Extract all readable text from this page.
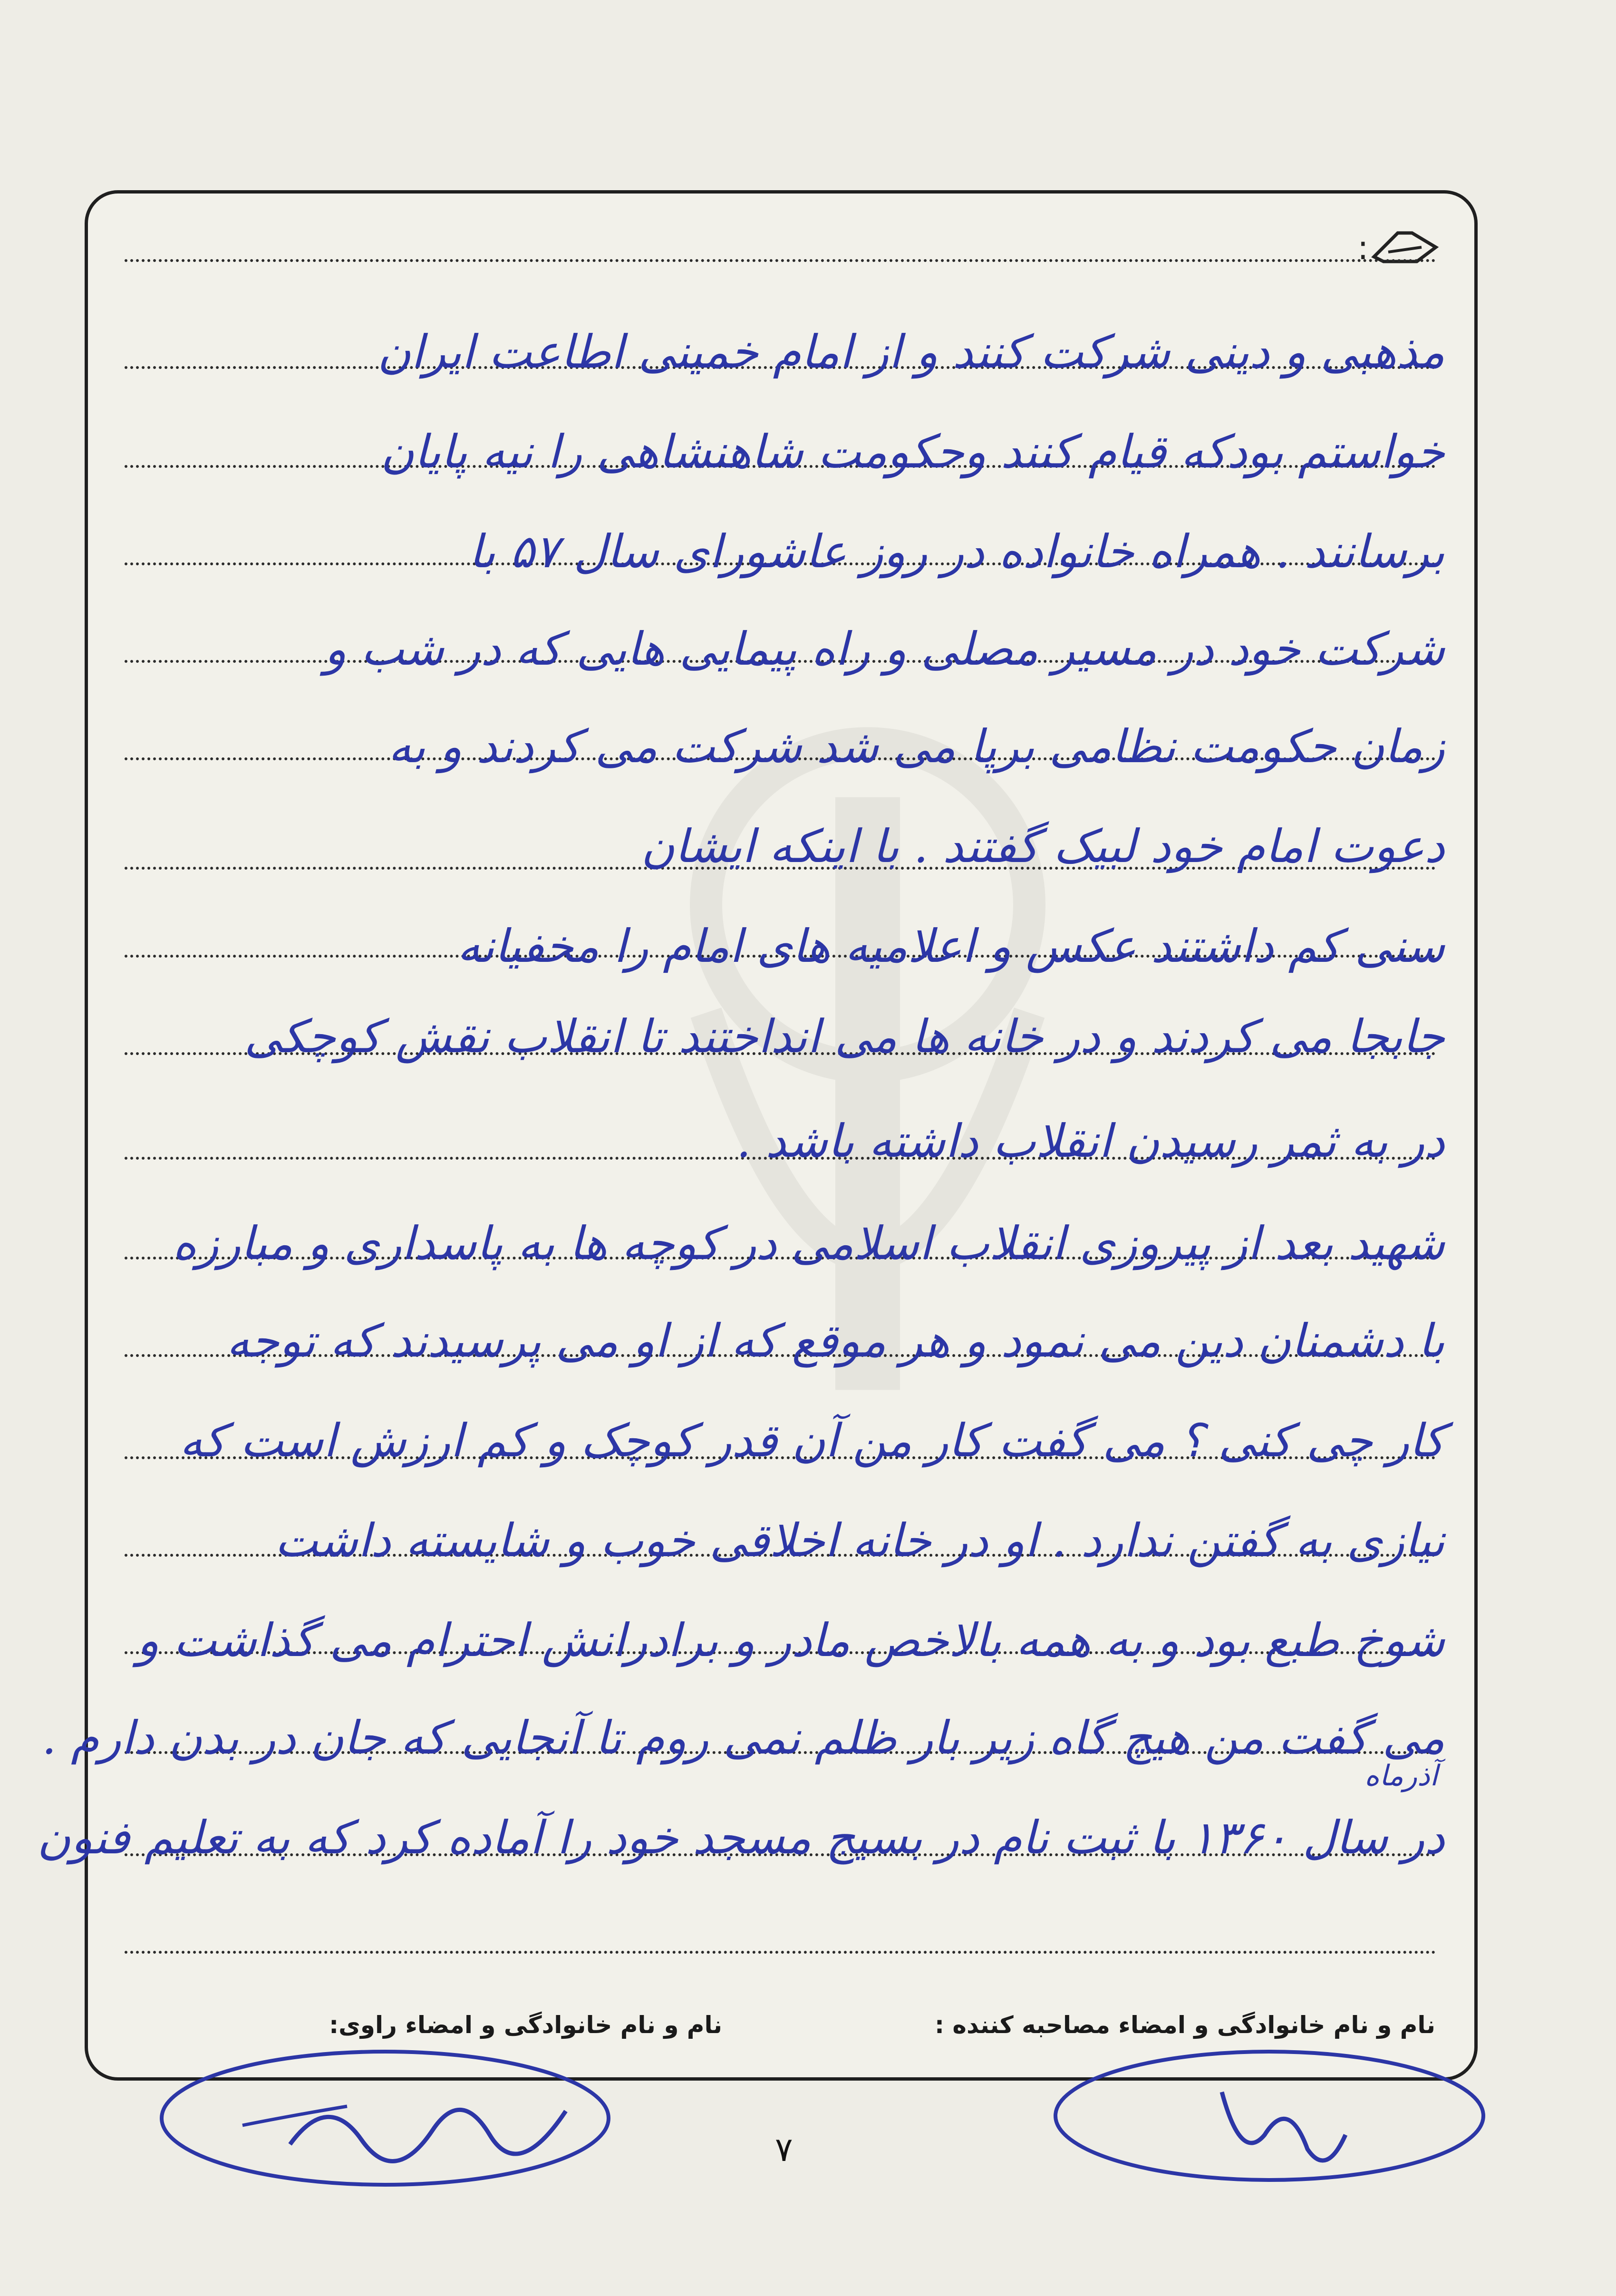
:
مذهبی و دینی شرکت کنند و از امام خمینی اطاعت ایران
خواستم بودکه قیام کنند وحکومت شاهنشاهی را نیه پایان
برسانند . همراه خانواده در روز عاشورای سال ۵۷ با
شرکت خود در مسیر مصلی و راه پیمایی هایی که در شب و
زمان حکومت نظامی برپا می شد شرکت می کردند و به
دعوت امام خود لبیک گفتند . با اینکه ایشان
سنی کم داشتند عکس و اعلامیه های امام را مخفیانه
جابجا می کردند و در خانه ها می انداختند تا انقلاب نقش کوچکی
در به ثمر رسیدن انقلاب داشته باشد .
شهید بعد از پیروزی انقلاب اسلامی در کوچه ها به پاسداری و مبارزه
با دشمنان دین می نمود و هر موقع که از او می پرسیدند که توجه
کار چی کنی ؟ می گفت کار من آن قدر کوچک و کم ارزش است که
نیازی به گفتن ندارد . او در خانه اخلاقی خوب و شایسته داشت
شوخ طبع بود و به همه بالاخص مادر و برادرانش احترام می گذاشت و
می گفت من هیچ گاه زیر بار ظلم نمی روم تا آنجایی که جان در بدن دارم .
در سال ۱۳۶۰ با ثبت نام در بسیج مسجد خود را آماده کرد که به تعلیم فنون
آذرماه
نام و نام خانوادگی و امضاء مصاحبه کننده :
نام و نام خانوادگی و امضاء راوی:
۷
